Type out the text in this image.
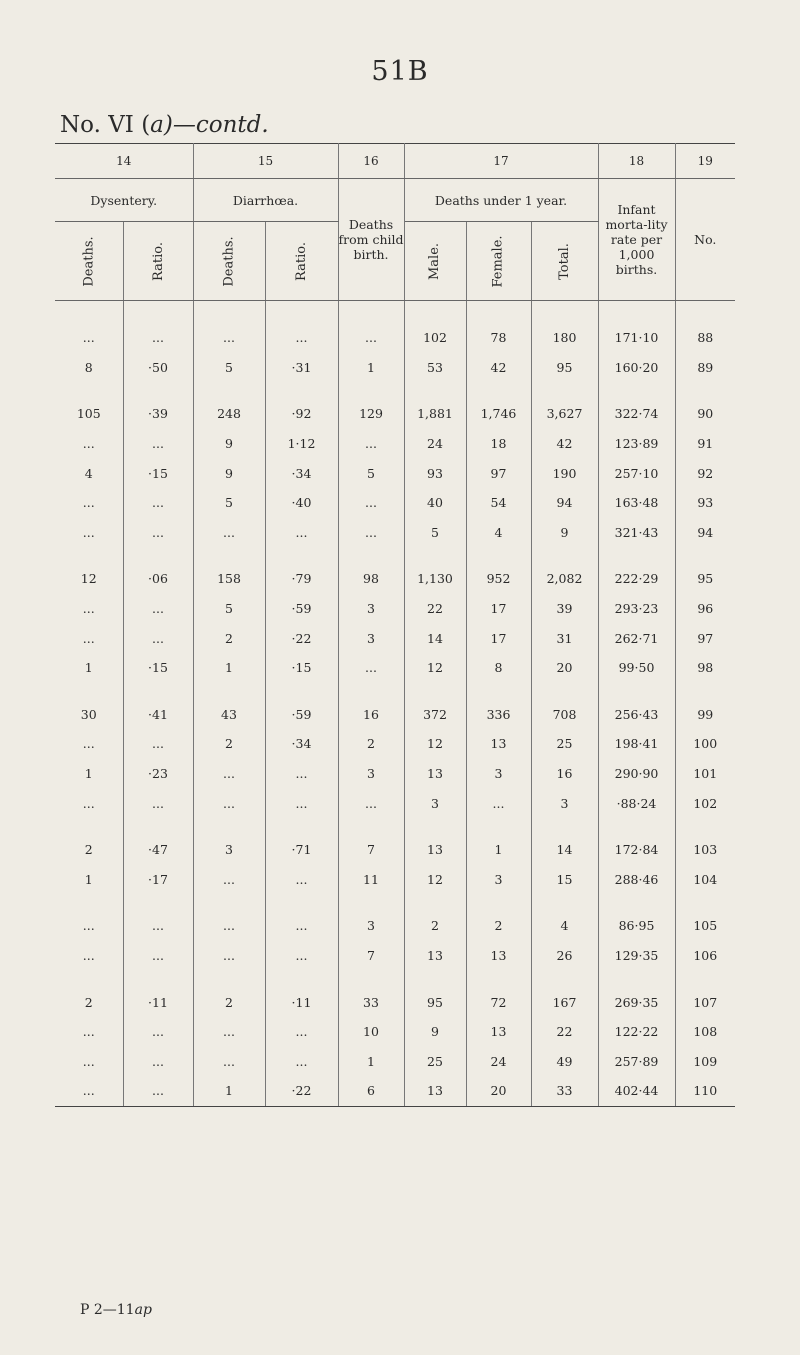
51B
No. VI (a)—contd.
14		15		16	17			18	19
Dysentery.		Diarrhœa.		Deaths from child birth.	Deaths under 1 year.			Infant morta-lity rate per 1,000 births.	No.
Deaths.	Ratio.	Deaths.	Ratio.		Male.	Female.	Total.		

...	...	...	...	...	102	78	180	171·10	88
8	·50	5	·31	1	53	42	95	160·20	89

105	·39	248	·92	129	1,881	1,746	3,627	322·74	90
...	...	9	1·12	...	24	18	42	123·89	91
4	·15	9	·34	5	93	97	190	257·10	92
...	...	5	·40	...	40	54	94	163·48	93
...	...	...	...	...	5	4	9	321·43	94

12	·06	158	·79	98	1,130	952	2,082	222·29	95
...	...	5	·59	3	22	17	39	293·23	96
...	...	2	·22	3	14	17	31	262·71	97
1	·15	1	·15	...	12	8	20	99·50	98

30	·41	43	·59	16	372	336	708	256·43	99
...	...	2	·34	2	12	13	25	198·41	100
1	·23	...	...	3	13	3	16	290·90	101
...	...	...	...	...	3	...	3	·88·24	102

2	·47	3	·71	7	13	1	14	172·84	103
1	·17	...	...	11	12	3	15	288·46	104

...	...	...	...	3	2	2	4	86·95	105
...	...	...	...	7	13	13	26	129·35	106

2	·11	2	·11	33	95	72	167	269·35	107
...	...	...	...	10	9	13	22	122·22	108
...	...	...	...	1	25	24	49	257·89	109
...	...	1	·22	6	13	20	33	402·44	110
P 2—11ap
